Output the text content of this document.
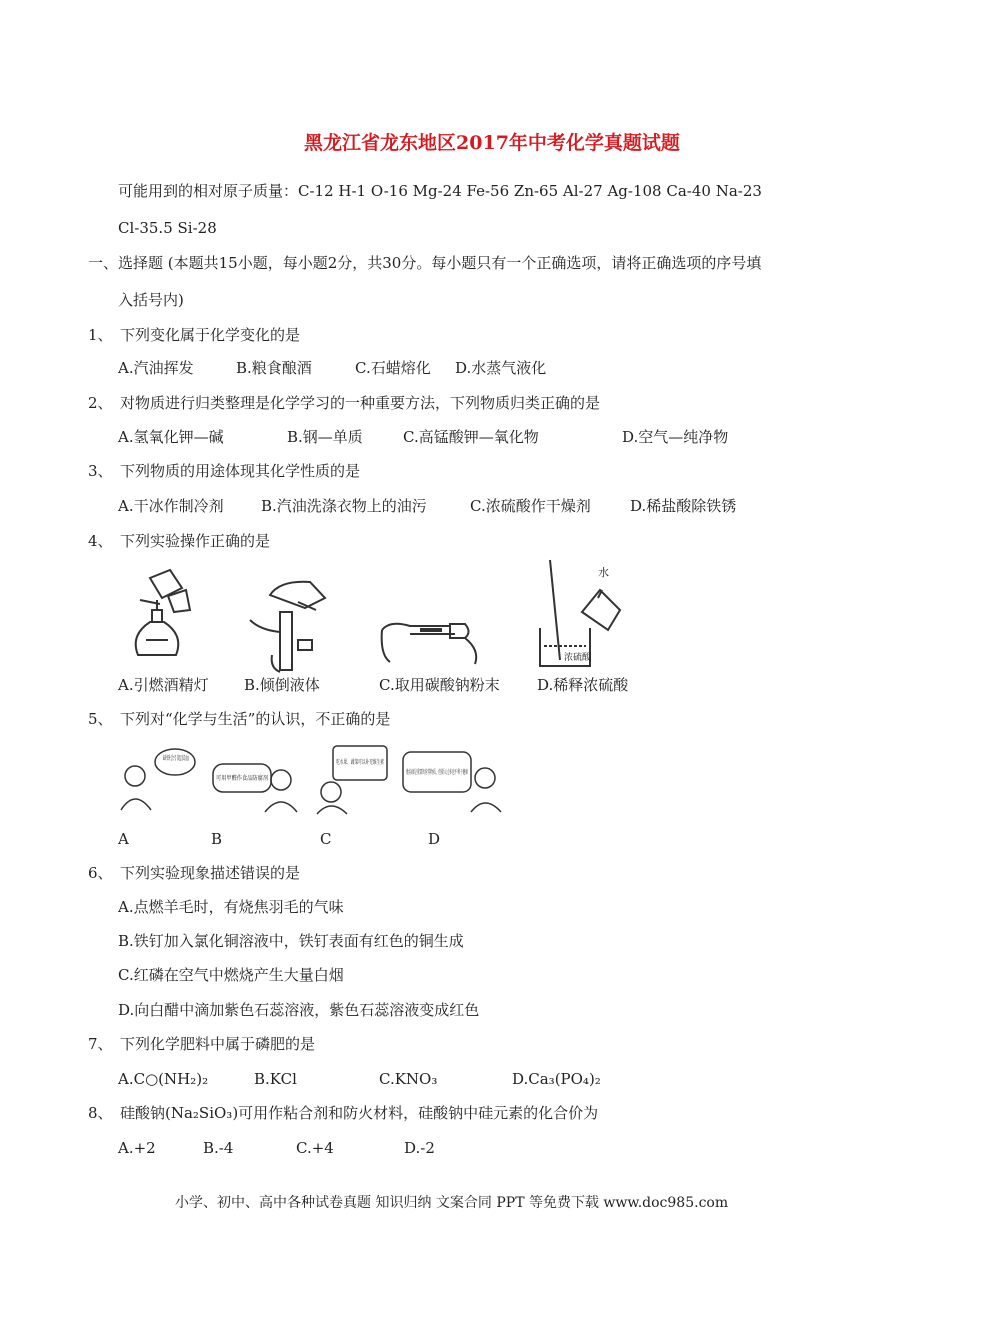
黑龙江省龙东地区2017年中考化学真题试题
可能用到的相对原子质量：C-12 H-1 O-16 Mg-24 Fe-56 Zn-65 Al-27 Ag-108 Ca-40 Na-23
Cl-35.5 Si-28
一、选择题 (本题共15小题，每小题2分，共30分。每小题只有一个正确选项，请将正确选项的序号填
入括号内)
1、 下列变化属于化学变化的是
A.汽油挥发	B.粮食酿酒	C.石蜡熔化 D.水蒸气液化
2、 对物质进行归类整理是化学学习的一种重要方法，下列物质归类正确的是
A.氢氧化钾—碱	B.钢—单质	C.高锰酸钾—氧化物	D.空气—纯净物
3、 下列物质的用途体现其化学性质的是
A.干冰作制冷剂 B.汽油洗涤衣物上的油污	C.浓硫酸作干燥剂	D.稀盐酸除铁锈
4、 下列实验操作正确的是
水
浓硫酸
A.引燃酒精灯 B.倾倒液体	C.取用碳酸钠粉末 D.稀释浓硫酸
5、 下列对“化学与生活”的认识，不正确的是
缺铁会引起贫血
可用甲醛作食品防腐剂
吃水果、蔬菜可以补充维生素
地沟油是重要的营养物质，但摄入过多也不利于健康
A	B	C	D
6、 下列实验现象描述错误的是
A.点燃羊毛时，有烧焦羽毛的气味
B.铁钉加入氯化铜溶液中，铁钉表面有红色的铜生成
C.红磷在空气中燃烧产生大量白烟
D.向白醋中滴加紫色石蕊溶液，紫色石蕊溶液变成红色
7、 下列化学肥料中属于磷肥的是
A.C○(NH₂)₂	B.KCl	C.KNO₃	D.Ca₃(PO₄)₂
8、 硅酸钠(Na₂SiO₃)可用作粘合剂和防火材料，硅酸钠中硅元素的化合价为
A.+2	B.-4	C.+4	D.-2
小学、初中、高中各种试卷真题 知识归纳 文案合同 PPT 等免费下载 www.doc985.com
